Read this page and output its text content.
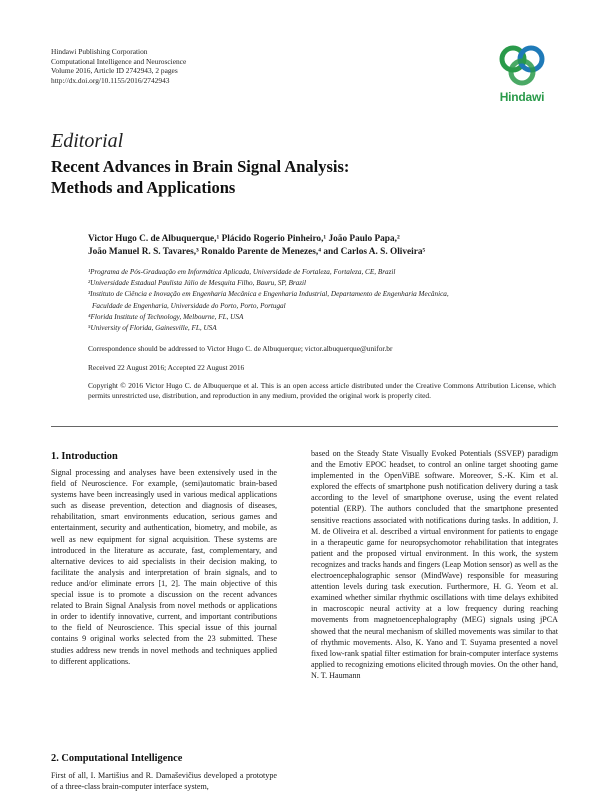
Hindawi Publishing Corporation
Computational Intelligence and Neuroscience
Volume 2016, Article ID 2742943, 2 pages
http://dx.doi.org/10.1155/2016/2742943
Hindawi
Editorial
Recent Advances in Brain Signal Analysis:
Methods and Applications
Victor Hugo C. de Albuquerque,¹ Plácido Rogerio Pinheiro,¹ João Paulo Papa,²
João Manuel R. S. Tavares,³ Ronaldo Parente de Menezes,⁴ and Carlos A. S. Oliveira⁵
¹Programa de Pós-Graduação em Informática Aplicada, Universidade de Fortaleza, Fortaleza, CE, Brazil
²Universidade Estadual Paulista Júlio de Mesquita Filho, Bauru, SP, Brazil
³Instituto de Ciência e Inovação em Engenharia Mecânica e Engenharia Industrial, Departamento de Engenharia Mecânica,
Faculdade de Engenharia, Universidade do Porto, Porto, Portugal
⁴Florida Institute of Technology, Melbourne, FL, USA
⁵University of Florida, Gainesville, FL, USA
Correspondence should be addressed to Victor Hugo C. de Albuquerque; victor.albuquerque@unifor.br
Received 22 August 2016; Accepted 22 August 2016
Copyright © 2016 Victor Hugo C. de Albuquerque et al. This is an open access article distributed under the Creative Commons Attribution License, which permits unrestricted use, distribution, and reproduction in any medium, provided the original work is properly cited.
1. Introduction
Signal processing and analyses have been extensively used in the field of Neuroscience. For example, (semi)automatic brain-based systems have been increasingly used in various medical applications such as disease prevention, detection and diagnosis of diseases, rehabilitation, smart environments education, serious games and entertainment, security and authentication, biometry, and mobile, as well as new equipment for signal acquisition. These systems are introduced in the literature as accurate, fast, complementary, and alternative devices to aid specialists in their decision making, to facilitate the analysis and interpretation of brain signals, and to reduce and/or eliminate errors [1, 2]. The main objective of this special issue is to promote a discussion on the recent advances related to Brain Signal Analysis from novel methods or applications in order to identify innovative, current, and important contributions to the field of Neuroscience. This special issue of this journal contains 9 original works selected from the 23 submitted. These studies address new trends in novel methods and techniques applied to different applications.
2. Computational Intelligence
First of all, I. Martišius and R. Damaševičius developed a prototype of a three-class brain-computer interface system,
based on the Steady State Visually Evoked Potentials (SSVEP) paradigm and the Emotiv EPOC headset, to control an online target shooting game implemented in the OpenViBE software. Moreover, S.-K. Kim et al. explored the effects of smartphone push notification delivery during a task according to the level of smartphone overuse, using the event related potential (ERP). The authors concluded that the smartphone presented sensitive reactions associated with notifications during tasks. In addition, J. M. de Oliveira et al. described a virtual environment for patients to engage in a therapeutic game for neuropsychomotor rehabilitation that integrates patient and the proposed virtual environment. In this work, the system recognizes and tracks hands and fingers (Leap Motion sensor) as well as the electroencephalographic sensor (MindWave) responsible for measuring attention levels during task execution. Furthermore, H. G. Yeom et al. examined whether similar rhythmic oscillations with time delays exhibited in macroscopic neural activity at a low frequency during reaching movements from magnetoencephalography (MEG) signals using jPCA showed that the neural mechanism of skilled movements was similar to that of rhythmic movements. Also, K. Yano and T. Suyama presented a novel fixed low-rank spatial filter estimation for brain-computer interface systems applied to recognizing emotions elicited through movies. On the other hand, N. T. Haumann
